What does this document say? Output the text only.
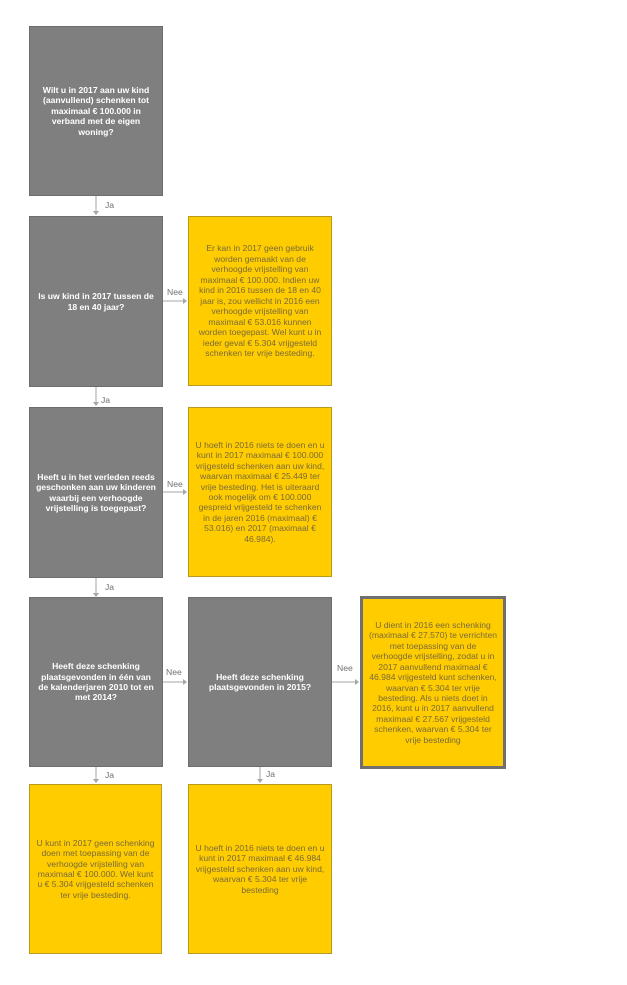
Wilt u in 2017 aan uw kind (aanvullend) schenken tot maximaal € 100.000 in verband met de eigen woning?
Is uw kind in 2017 tussen de 18 en 40 jaar?
Er kan in 2017 geen gebruik worden gemaakt van de verhoogde vrijstelling van maximaal € 100.000. Indien uw kind in 2016 tussen de 18 en 40 jaar is, zou wellicht in 2016 een verhoogde vrijstelling van maximaal € 53.016 kunnen worden toegepast. Wel kunt u in ieder geval € 5.304 vrijgesteld schenken ter vrije besteding.
Heeft u in het verleden reeds geschonken aan uw kinderen waarbij een verhoogde vrijstelling is toegepast?
U hoeft in 2016 niets te doen en u kunt in 2017 maximaal € 100.000 vrijgesteld schenken aan uw kind, waarvan maximaal € 25.449 ter vrije besteding. Het is uiteraard ook mogelijk om € 100.000 gespreid vrijgesteld te schenken in de jaren 2016 (maximaal) € 53.016) en 2017 (maximaal € 46.984).
Heeft deze schenking plaatsgevonden in één van de kalenderjaren 2010 tot en met 2014?
Heeft deze schenking plaatsgevonden in 2015?
U dient in 2016 een schenking (maximaal € 27.570) te verrichten met toepassing van de verhoogde vrijstelling, zodat u in 2017 aanvullend maximaal € 46.984 vrijgesteld kunt schenken, waarvan € 5.304 ter vrije besteding. Als u niets doet in 2016, kunt u in 2017 aanvullend maximaal € 27.567 vrijgesteld schenken, waarvan € 5.304 ter vrije besteding
U kunt in 2017 geen schenking doen met toepassing van de verhoogde vrijstelling van maximaal € 100.000. Wel kunt u € 5.304 vrijgesteld schenken ter vrije besteding.
U hoeft in 2016 niets te doen en u kunt in 2017 maximaal € 46.984 vrijgesteld schenken aan uw kind, waarvan € 5.304 ter vrije besteding
Ja
Nee
Ja
Nee
Ja
Nee	Nee
Ja	Ja
